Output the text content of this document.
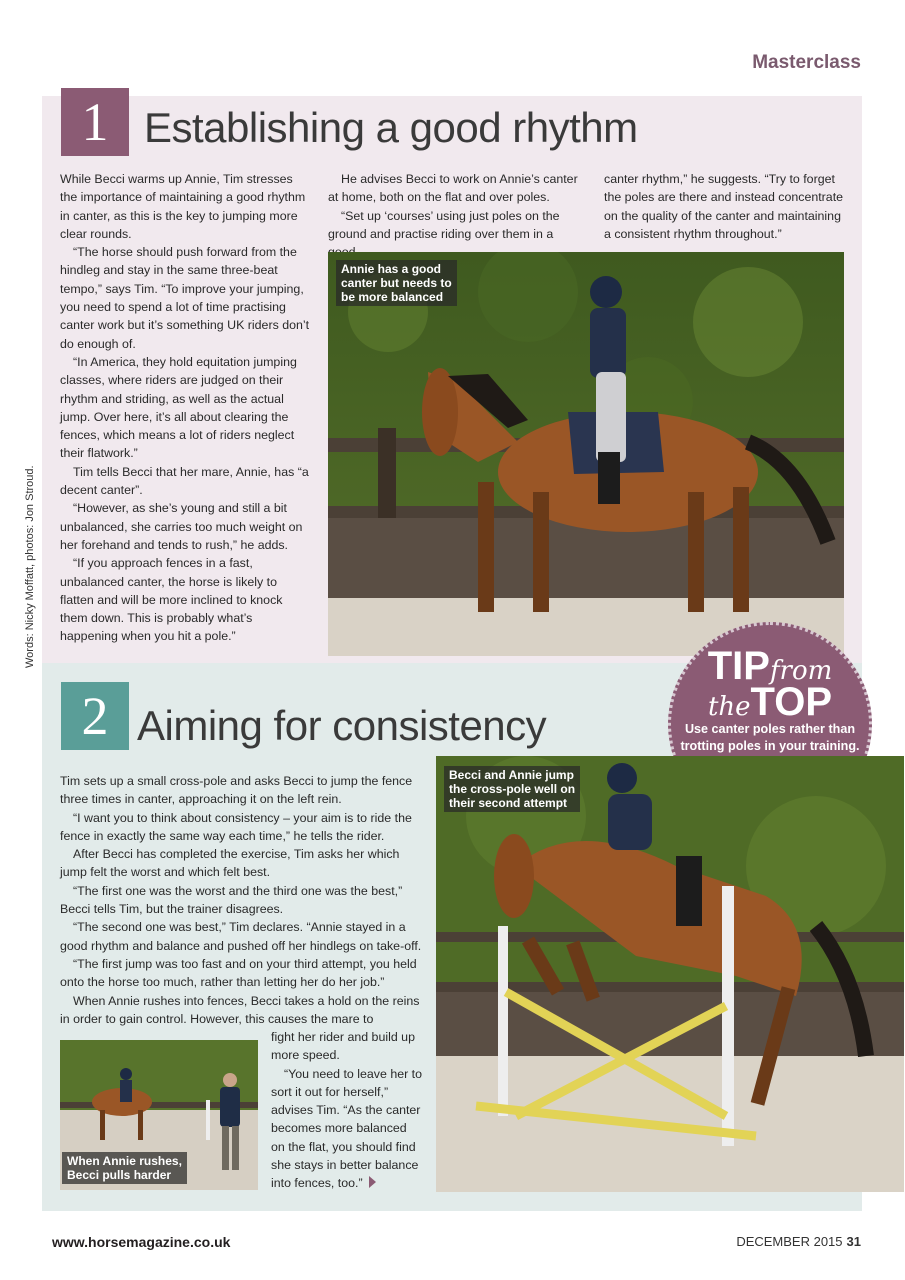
Masterclass
Words: Nicky Moffatt, photos: Jon Stroud.
1 Establishing a good rhythm

While Becci warms up Annie, Tim stresses the importance of maintaining a good rhythm in canter, as this is the key to jumping more clear rounds.

“The horse should push forward from the hindleg and stay in the same three-beat tempo,” says Tim. “To improve your jumping, you need to spend a lot of time practising canter work but it’s something UK riders don’t do enough of.

“In America, they hold equitation jumping classes, where riders are judged on their rhythm and striding, as well as the actual jump. Over here, it’s all about clearing the fences, which means a lot of riders neglect their flatwork.”

Tim tells Becci that her mare, Annie, has “a decent canter”.

“However, as she’s young and still a bit unbalanced, she carries too much weight on her forehand and tends to rush,” he adds.

“If you approach fences in a fast, unbalanced canter, the horse is likely to flatten and will be more inclined to knock them down. This is probably what’s happening when you hit a pole.”

He advises Becci to work on Annie’s canter at home, both on the flat and over poles.

“Set up ‘courses’ using just poles on the ground and practise riding over them in a

canter rhythm,” he suggests. “Try to forget the poles are there and instead concentrate on the quality of the canter and maintaining a consistent rhythm throughout.”

Annie has a good
canter but needs to
be more balanced
TIPfrom
theTOP
Use canter poles rather than trotting poles in your training.
2 Aiming for consistency

Tim sets up a small cross-pole and asks Becci to jump the fence three times in canter, approaching it on the left rein.

“I want you to think about consistency – your aim is to ride the fence in exactly the same way each time,” he tells the rider.

After Becci has completed the exercise, Tim asks her which jump felt the worst and which felt best.

“The first one was the worst and the third one was the best,” Becci tells Tim, but the trainer disagrees.

“The second one was best,” Tim declares. “Annie stayed in a good rhythm and balance and pushed off her hindlegs on take-off.

“The first jump was too fast and on your third attempt, you held onto the horse too much, rather than letting her do her job.”

When Annie rushes into fences, Becci takes a hold on the reins in order to gain control. However, this causes the mare to

fight her rider and build up more speed.

“You need to leave her to sort it out for herself,” advises Tim. “As the canter becomes more balanced on the flat, you should find she stays in better balance into fences, too.”

When Annie rushes,
Becci pulls harder
Becci and Annie jump
the cross-pole well on
their second attempt
www.horsemagazine.co.uk	DECEMBER 2015 31
